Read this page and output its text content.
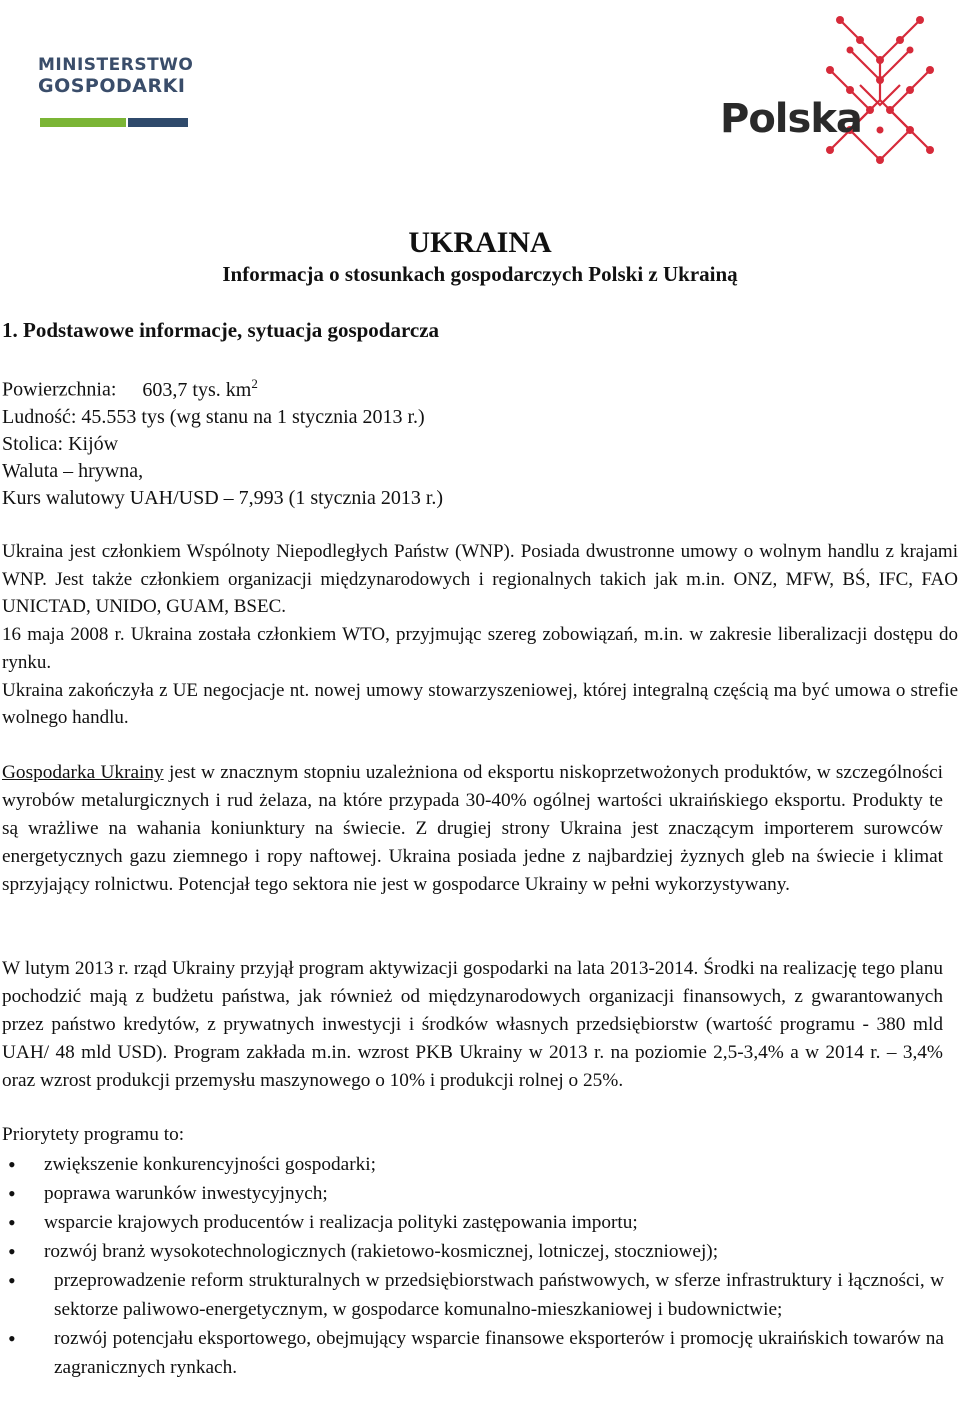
MINISTERSTWO
GOSPODARKI
Polska
UKRAINA
Informacja o stosunkach gospodarczych Polski z Ukrainą
1. Podstawowe informacje, sytuacja gospodarcza
Powierzchnia: 603,7 tys. $km^2$
Ludność: 45.553 tys (wg stanu na 1 stycznia 2013 r.)
Stolica: Kijów
Waluta – hrywna,
Kurs walutowy UAH/USD – 7,993 (1 stycznia 2013 r.)
Ukraina jest członkiem Wspólnoty Niepodległych Państw (WNP). Posiada dwustronne umowy o wolnym handlu z krajami WNP. Jest także członkiem organizacji międzynarodowych i regionalnych takich jak m.in. ONZ, MFW, BŚ, IFC, FAO UNICTAD, UNIDO, GUAM, BSEC.
16 maja 2008 r. Ukraina została członkiem WTO, przyjmując szereg zobowiązań, m.in. w zakresie liberalizacji dostępu do rynku.
Ukraina zakończyła z UE negocjacje nt. nowej umowy stowarzyszeniowej, której integralną częścią ma być umowa o strefie wolnego handlu.
Gospodarka Ukrainy jest w znacznym stopniu uzależniona od eksportu niskoprzetwożonych produktów, w szczególności wyrobów metalurgicznych i rud żelaza, na które przypada 30-40% ogólnej wartości ukraińskiego eksportu. Produkty te są wrażliwe na wahania koniunktury na świecie. Z drugiej strony Ukraina jest znaczącym importerem surowców energetycznych gazu ziemnego i ropy naftowej. Ukraina posiada jedne z najbardziej żyznych gleb na świecie i klimat sprzyjający rolnictwu. Potencjał tego sektora nie jest w gospodarce Ukrainy w pełni wykorzystywany.
W lutym 2013 r. rząd Ukrainy przyjął program aktywizacji gospodarki na lata 2013-2014. Środki na realizację tego planu pochodzić mają z budżetu państwa, jak również od międzynarodowych organizacji finansowych, z gwarantowanych przez państwo kredytów, z prywatnych inwestycji i środków własnych przedsiębiorstw (wartość programu - 380 mld UAH/ 48 mld USD). Program zakłada m.in. wzrost PKB Ukrainy w 2013 r. na poziomie 2,5-3,4% a w 2014 r. – 3,4% oraz wzrost produkcji przemysłu maszynowego o 10% i produkcji rolnej o 25%.
Priorytety programu to:
• zwiększenie konkurencyjności gospodarki;
• poprawa warunków inwestycyjnych;
• wsparcie krajowych producentów i realizacja polityki zastępowania importu;
• rozwój branż wysokotechnologicznych (rakietowo-kosmicznej, lotniczej, stoczniowej);
• przeprowadzenie reform strukturalnych w przedsiębiorstwach państwowych, w sferze infrastruktury i łączności, w sektorze paliwowo-energetycznym, w gospodarce komunalno-mieszkaniowej i budownictwie;
• rozwój potencjału eksportowego, obejmujący wsparcie finansowe eksporterów i promocję ukraińskich towarów na zagranicznych rynkach.
